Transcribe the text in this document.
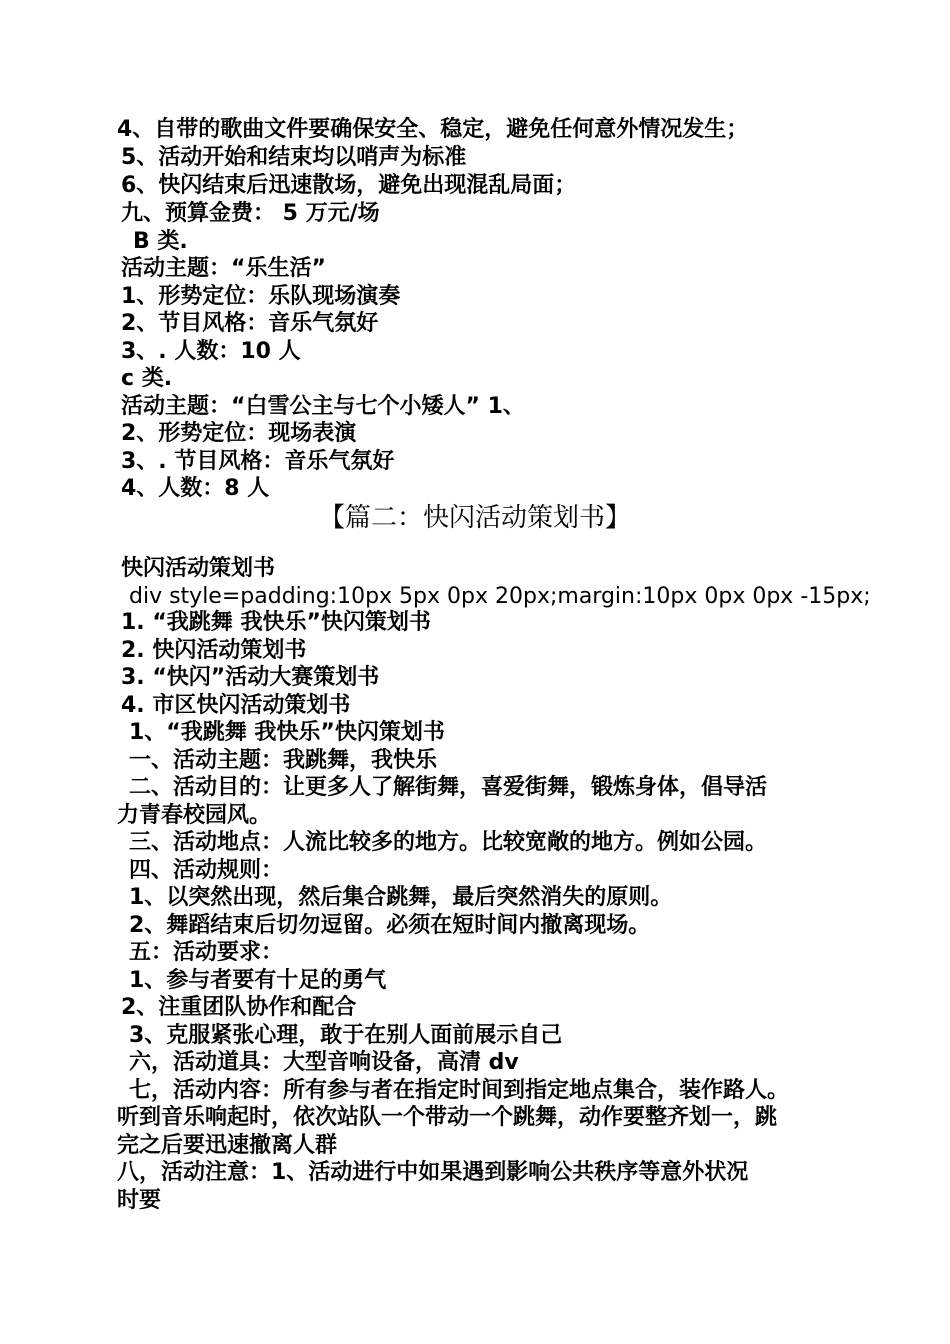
4、自带的歌曲文件要确保安全、稳定，避免任何意外情况发生；
5、活动开始和结束均以哨声为标准
6、快闪结束后迅速散场，避免出现混乱局面；
九、预算金费： 5 万元/场
B 类.
活动主题：“乐生活”
1、形势定位：乐队现场演奏
2、节目风格：音乐气氛好
3、. 人数：10 人
c 类.
活动主题：“白雪公主与七个小矮人” 1、
2、形势定位：现场表演
3、. 节目风格：音乐气氛好
4、人数：8 人
【篇二：快闪活动策划书】
快闪活动策划书
div style=padding:10px 5px 0px 20px;margin:10px 0px 0px -15px;
1. “我跳舞 我快乐”快闪策划书
2. 快闪活动策划书
3. “快闪”活动大赛策划书
4. 市区快闪活动策划书
1、“我跳舞 我快乐”快闪策划书
一、活动主题：我跳舞，我快乐
二、活动目的：让更多人了解街舞，喜爱街舞，锻炼身体，倡导活
力青春校园风。
三、活动地点：人流比较多的地方。比较宽敞的地方。例如公园。
四、活动规则：
1、以突然出现，然后集合跳舞，最后突然消失的原则。
2、舞蹈结束后切勿逗留。必须在短时间内撤离现场。
五：活动要求：
1、参与者要有十足的勇气
2、注重团队协作和配合
3、克服紧张心理，敢于在别人面前展示自己
六，活动道具：大型音响设备，高清 dv
七，活动内容：所有参与者在指定时间到指定地点集合，装作路人。
听到音乐响起时，依次站队一个带动一个跳舞，动作要整齐划一，跳
完之后要迅速撤离人群
八，活动注意：1、活动进行中如果遇到影响公共秩序等意外状况
时要
